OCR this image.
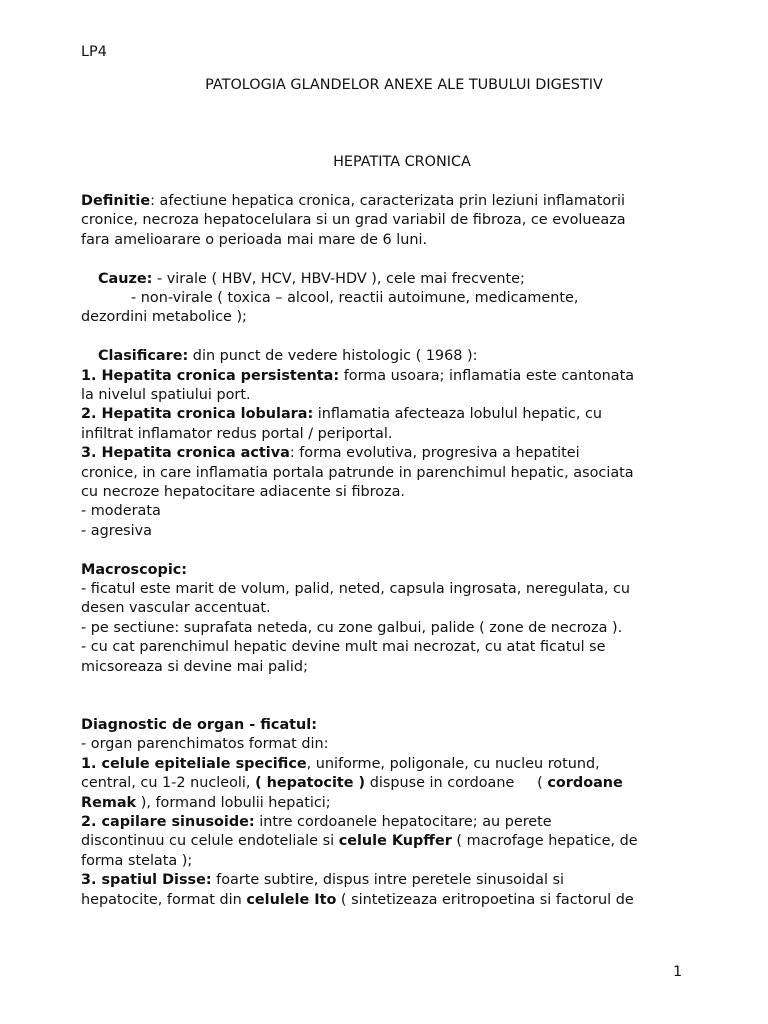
LP4
PATOLOGIA GLANDELOR ANEXE ALE TUBULUI DIGESTIV
HEPATITA CRONICA

Definitie: afectiune hepatica cronica, caracterizata prin leziuni inflamatorii

cronice, necroza hepatocelulara si un grad variabil de fibroza, ce evolueaza

fara amelioarare o perioada mai mare de 6 luni.

Cauze: - virale ( HBV, HCV, HBV-HDV ), cele mai frecvente;

- non-virale ( toxica – alcool, reactii autoimune, medicamente,

dezordini metabolice );

Clasificare: din punct de vedere histologic ( 1968 ):

1. Hepatita cronica persistenta: forma usoara; inflamatia este cantonata

la nivelul spatiului port.

2. Hepatita cronica lobulara: inflamatia afecteaza lobulul hepatic, cu

infiltrat inflamator redus portal / periportal.

3. Hepatita cronica activa: forma evolutiva, progresiva a hepatitei

cronice, in care inflamatia portala patrunde in parenchimul hepatic, asociata

cu necroze hepatocitare adiacente si fibroza.

- moderata

- agresiva

Macroscopic:

- ficatul este marit de volum, palid, neted, capsula ingrosata, neregulata, cu

desen vascular accentuat.

- pe sectiune: suprafata neteda, cu zone galbui, palide ( zone de necroza ).

- cu cat parenchimul hepatic devine mult mai necrozat, cu atat ficatul se

micsoreaza si devine mai palid;

Diagnostic de organ - ficatul:

- organ parenchimatos format din:

1. celule epiteliale specifice, uniforme, poligonale, cu nucleu rotund,

central, cu 1-2 nucleoli, ( hepatocite ) dispuse in cordoane     ( cordoane

Remak ), formand lobulii hepatici;

2. capilare sinusoide: intre cordoanele hepatocitare; au perete

discontinuu cu celule endoteliale si celule Kupffer ( macrofage hepatice, de

forma stelata );

3. spatiul Disse: foarte subtire, dispus intre peretele sinusoidal si

hepatocite, format din celulele Ito ( sintetizeaza eritropoetina si factorul de

1
